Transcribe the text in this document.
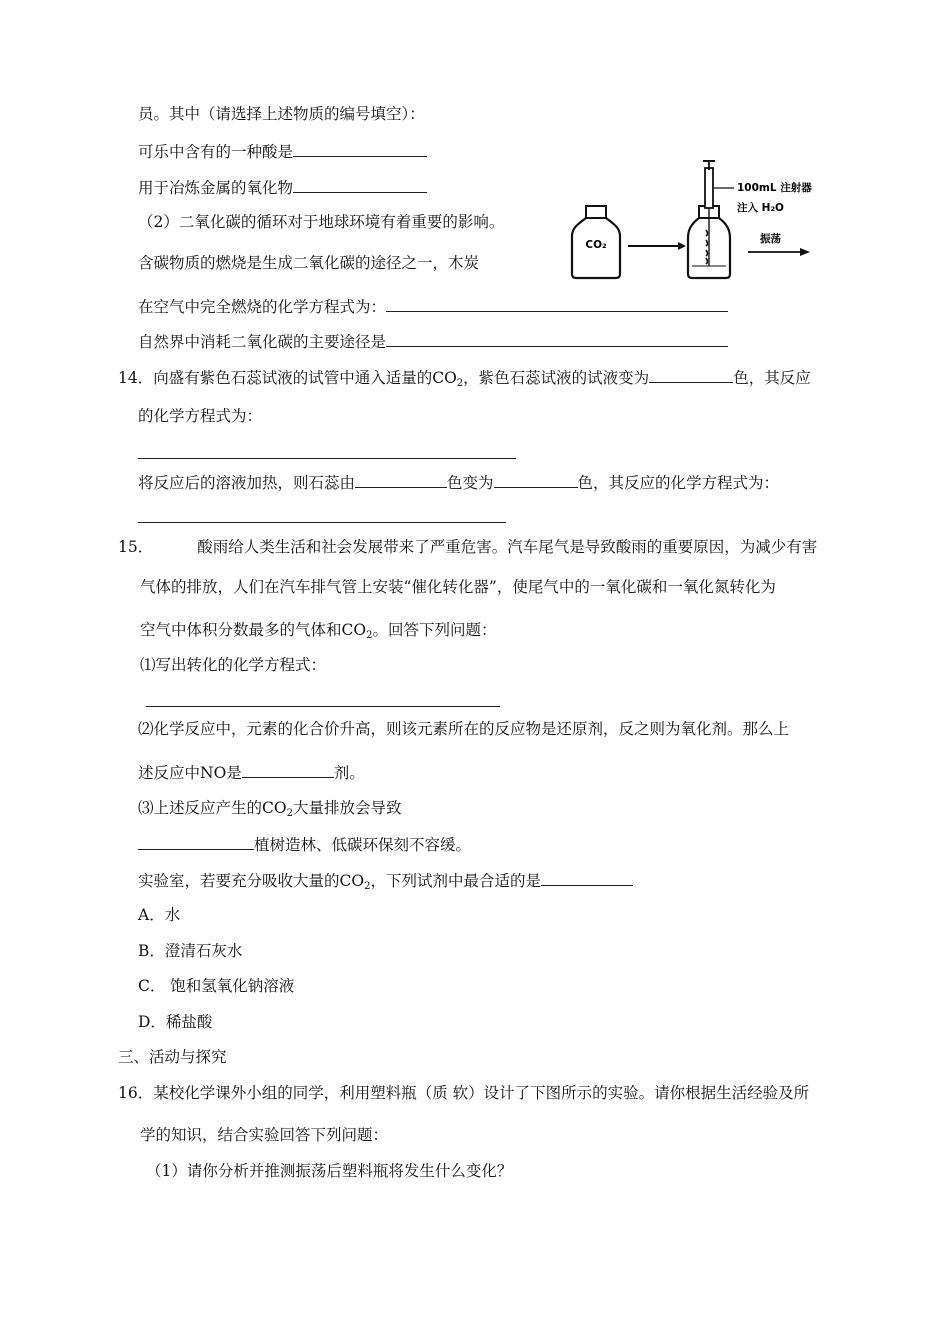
员。其中（请选择上述物质的编号填空）：
可乐中含有的一种酸是
用于冶炼金属的氧化物
（2）二氧化碳的循环对于地球环境有着重要的影响。
含碳物质的燃烧是生成二氧化碳的途径之一，木炭
在空气中完全燃烧的化学方程式为：
自然界中消耗二氧化碳的主要途径是
CO₂
100mL 注射器
注入 H₂O
振荡
14．向盛有紫色石蕊试液的试管中通入适量的$CO_2$，紫色石蕊试液的试液变为	色，其反应
的化学方程式为：
将反应后的溶液加热，则石蕊由	色变为	色，其反应的化学方程式为：
15．	酸雨给人类生活和社会发展带来了严重危害。汽车尾气是导致酸雨的重要原因，为减少有害
气体的排放，人们在汽车排气管上安装“催化转化器”，使尾气中的一氧化碳和一氧化氮转化为
空气中体积分数最多的气体和$CO_2$。回答下列问题：
⑴写出转化的化学方程式：
⑵化学反应中，元素的化合价升高，则该元素所在的反应物是还原剂，反之则为氧化剂。那么上
述反应中NO是	剂。
⑶上述反应产生的$CO_2$大量排放会导致
植树造林、低碳环保刻不容缓。
实验室，若要充分吸收大量的$CO_2$，下列试剂中最合适的是
A．水
B．澄清石灰水
C． 饱和氢氧化钠溶液
D．稀盐酸
三、活动与探究
16．某校化学课外小组的同学，利用塑料瓶（质 软）设计了下图所示的实验。请你根据生活经验及所
学的知识，结合实验回答下列问题：
（1）请你分析并推测振荡后塑料瓶将发生什么变化？
